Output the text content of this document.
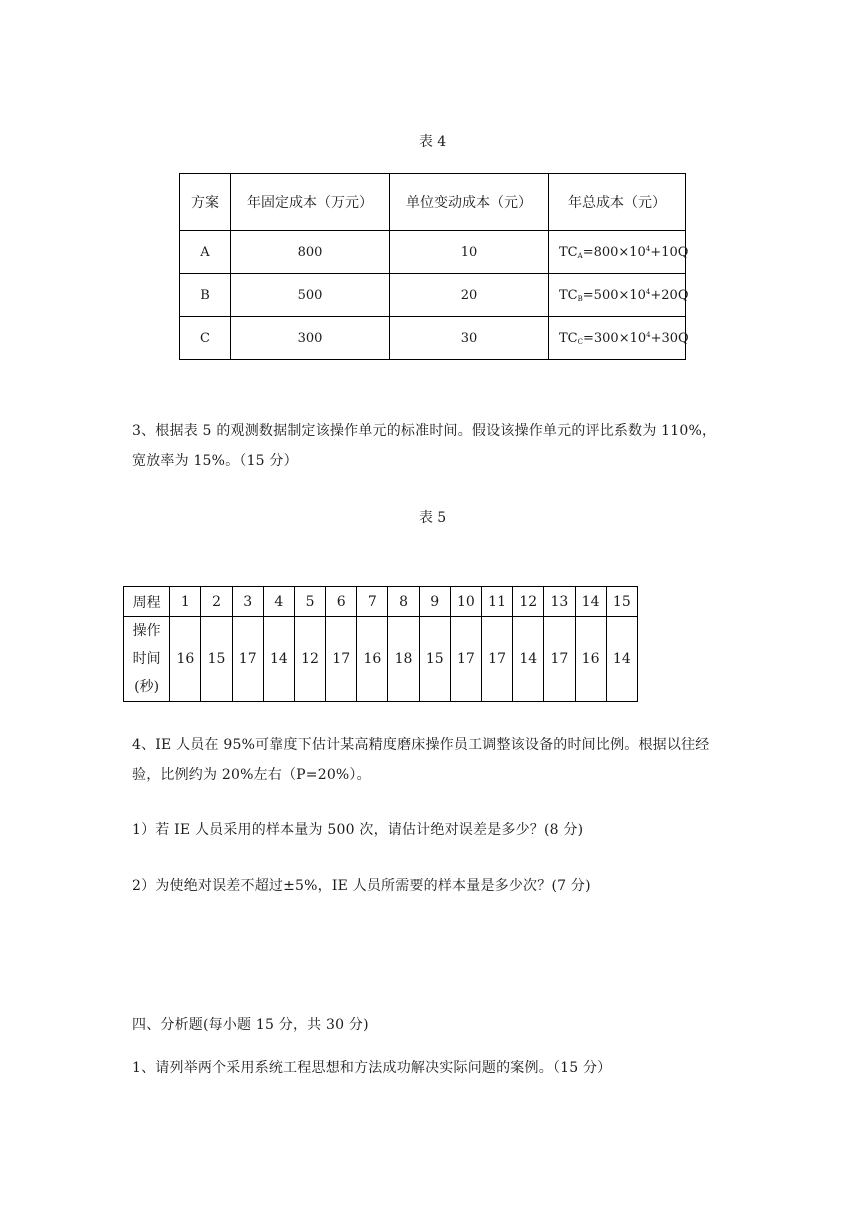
表 4
方案	年固定成本（万元）	单位变动成本（元）	年总成本（元）
A	800	10	$TC_A=800\times 10^4+10Q$
B	500	20	$TC_B=500\times 10^4+20Q$
C	300	30	$TC_C=300\times 10^4+30Q$
3、根据表 5 的观测数据制定该操作单元的标准时间。假设该操作单元的评比系数为 110%，
宽放率为 15%。（15 分）
表 5
周程	1	2	3	4	5	6	7	8	9	10	11	12	13	14	15

操作
时间
(秒)	16	15	17	14	12	17	16	18	15	17	17	14	17	16	14
4、IE 人员在 95%可靠度下估计某高精度磨床操作员工调整该设备的时间比例。根据以往经
验，比例约为 20%左右（P=20%）。
1）若 IE 人员采用的样本量为 500 次，请估计绝对误差是多少？(8 分)
2）为使绝对误差不超过±5%，IE 人员所需要的样本量是多少次？(7 分)
四、分析题(每小题 15 分，共 30 分)
1、请列举两个采用系统工程思想和方法成功解决实际问题的案例。（15 分）
